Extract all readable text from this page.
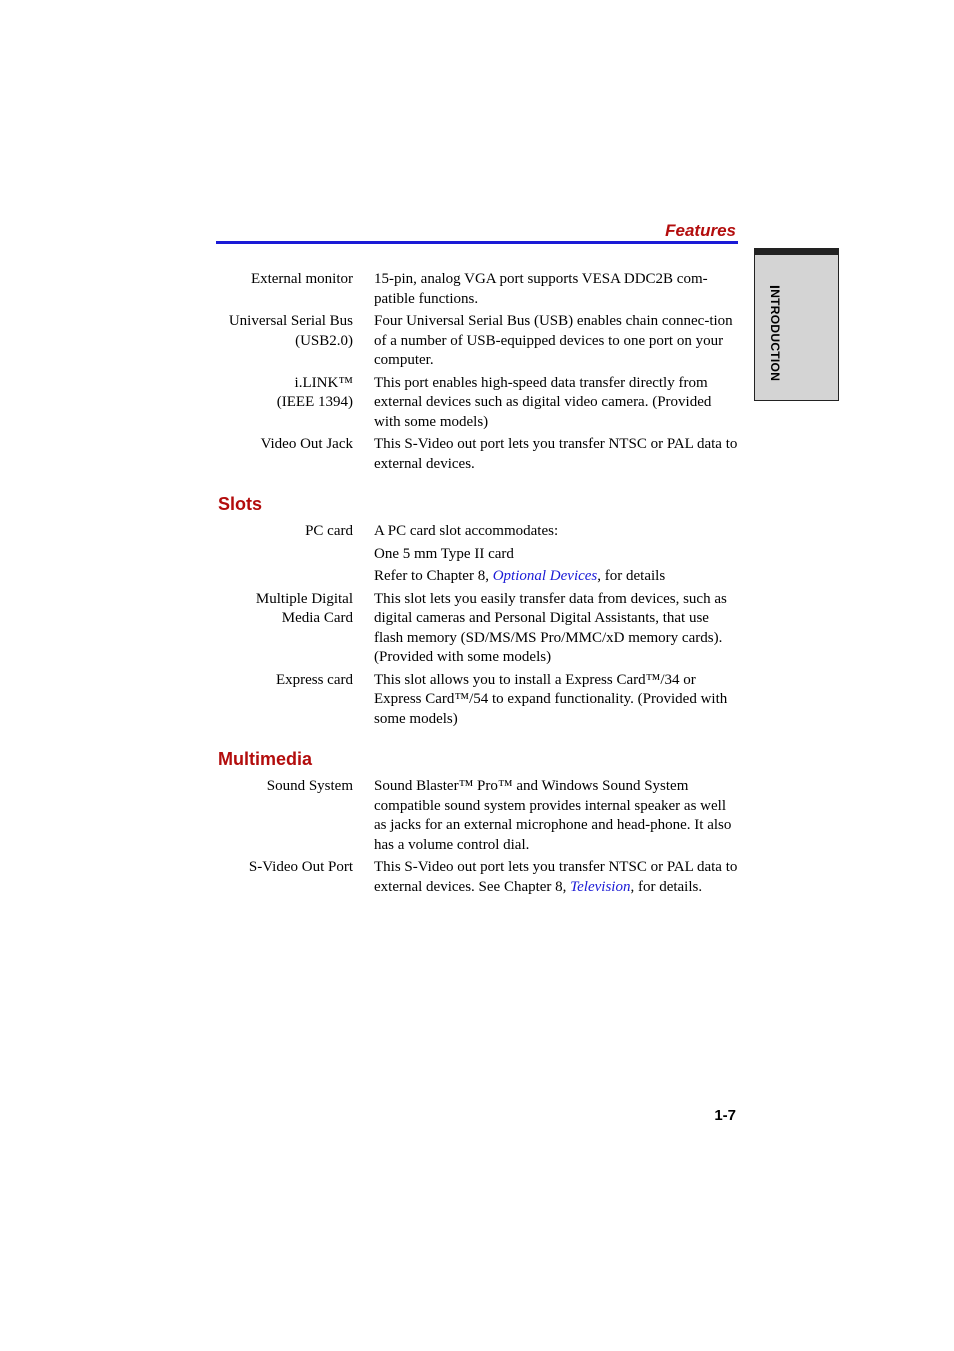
Features
INTRODUCTION
External monitor 15-pin, analog VGA port supports VESA DDC2B com-patible functions.
Universal Serial Bus
(USB2.0)
Four Universal Serial Bus (USB) enables chain connec-tion of a number of USB-equipped devices to one port on your computer.
i.LINK™
(IEEE 1394)
This port enables high-speed data transfer directly from external devices such as digital video camera. (Provided with some models)
Video Out Jack This S-Video out port lets you transfer NTSC or PAL data to external devices.
Slots
PC card A PC card slot accommodates:

One 5 mm Type II card

Refer to Chapter 8, Optional Devices, for details

Multiple Digital
Media Card
This slot lets you easily transfer data from devices, such as digital cameras and Personal Digital Assistants, that use flash memory (SD/MS/MS Pro/MMC/xD memory cards). (Provided with some models)
Express card This slot allows you to install a Express Card™/34 or Express Card™/54 to expand functionality. (Provided with some models)
Multimedia
Sound System Sound Blaster™ Pro™ and Windows Sound System compatible sound system provides internal speaker as well as jacks for an external microphone and head-phone. It also has a volume control dial.
S-Video Out Port This S-Video out port lets you transfer NTSC or PAL data to external devices. See Chapter 8, Television, for details.
1-7
